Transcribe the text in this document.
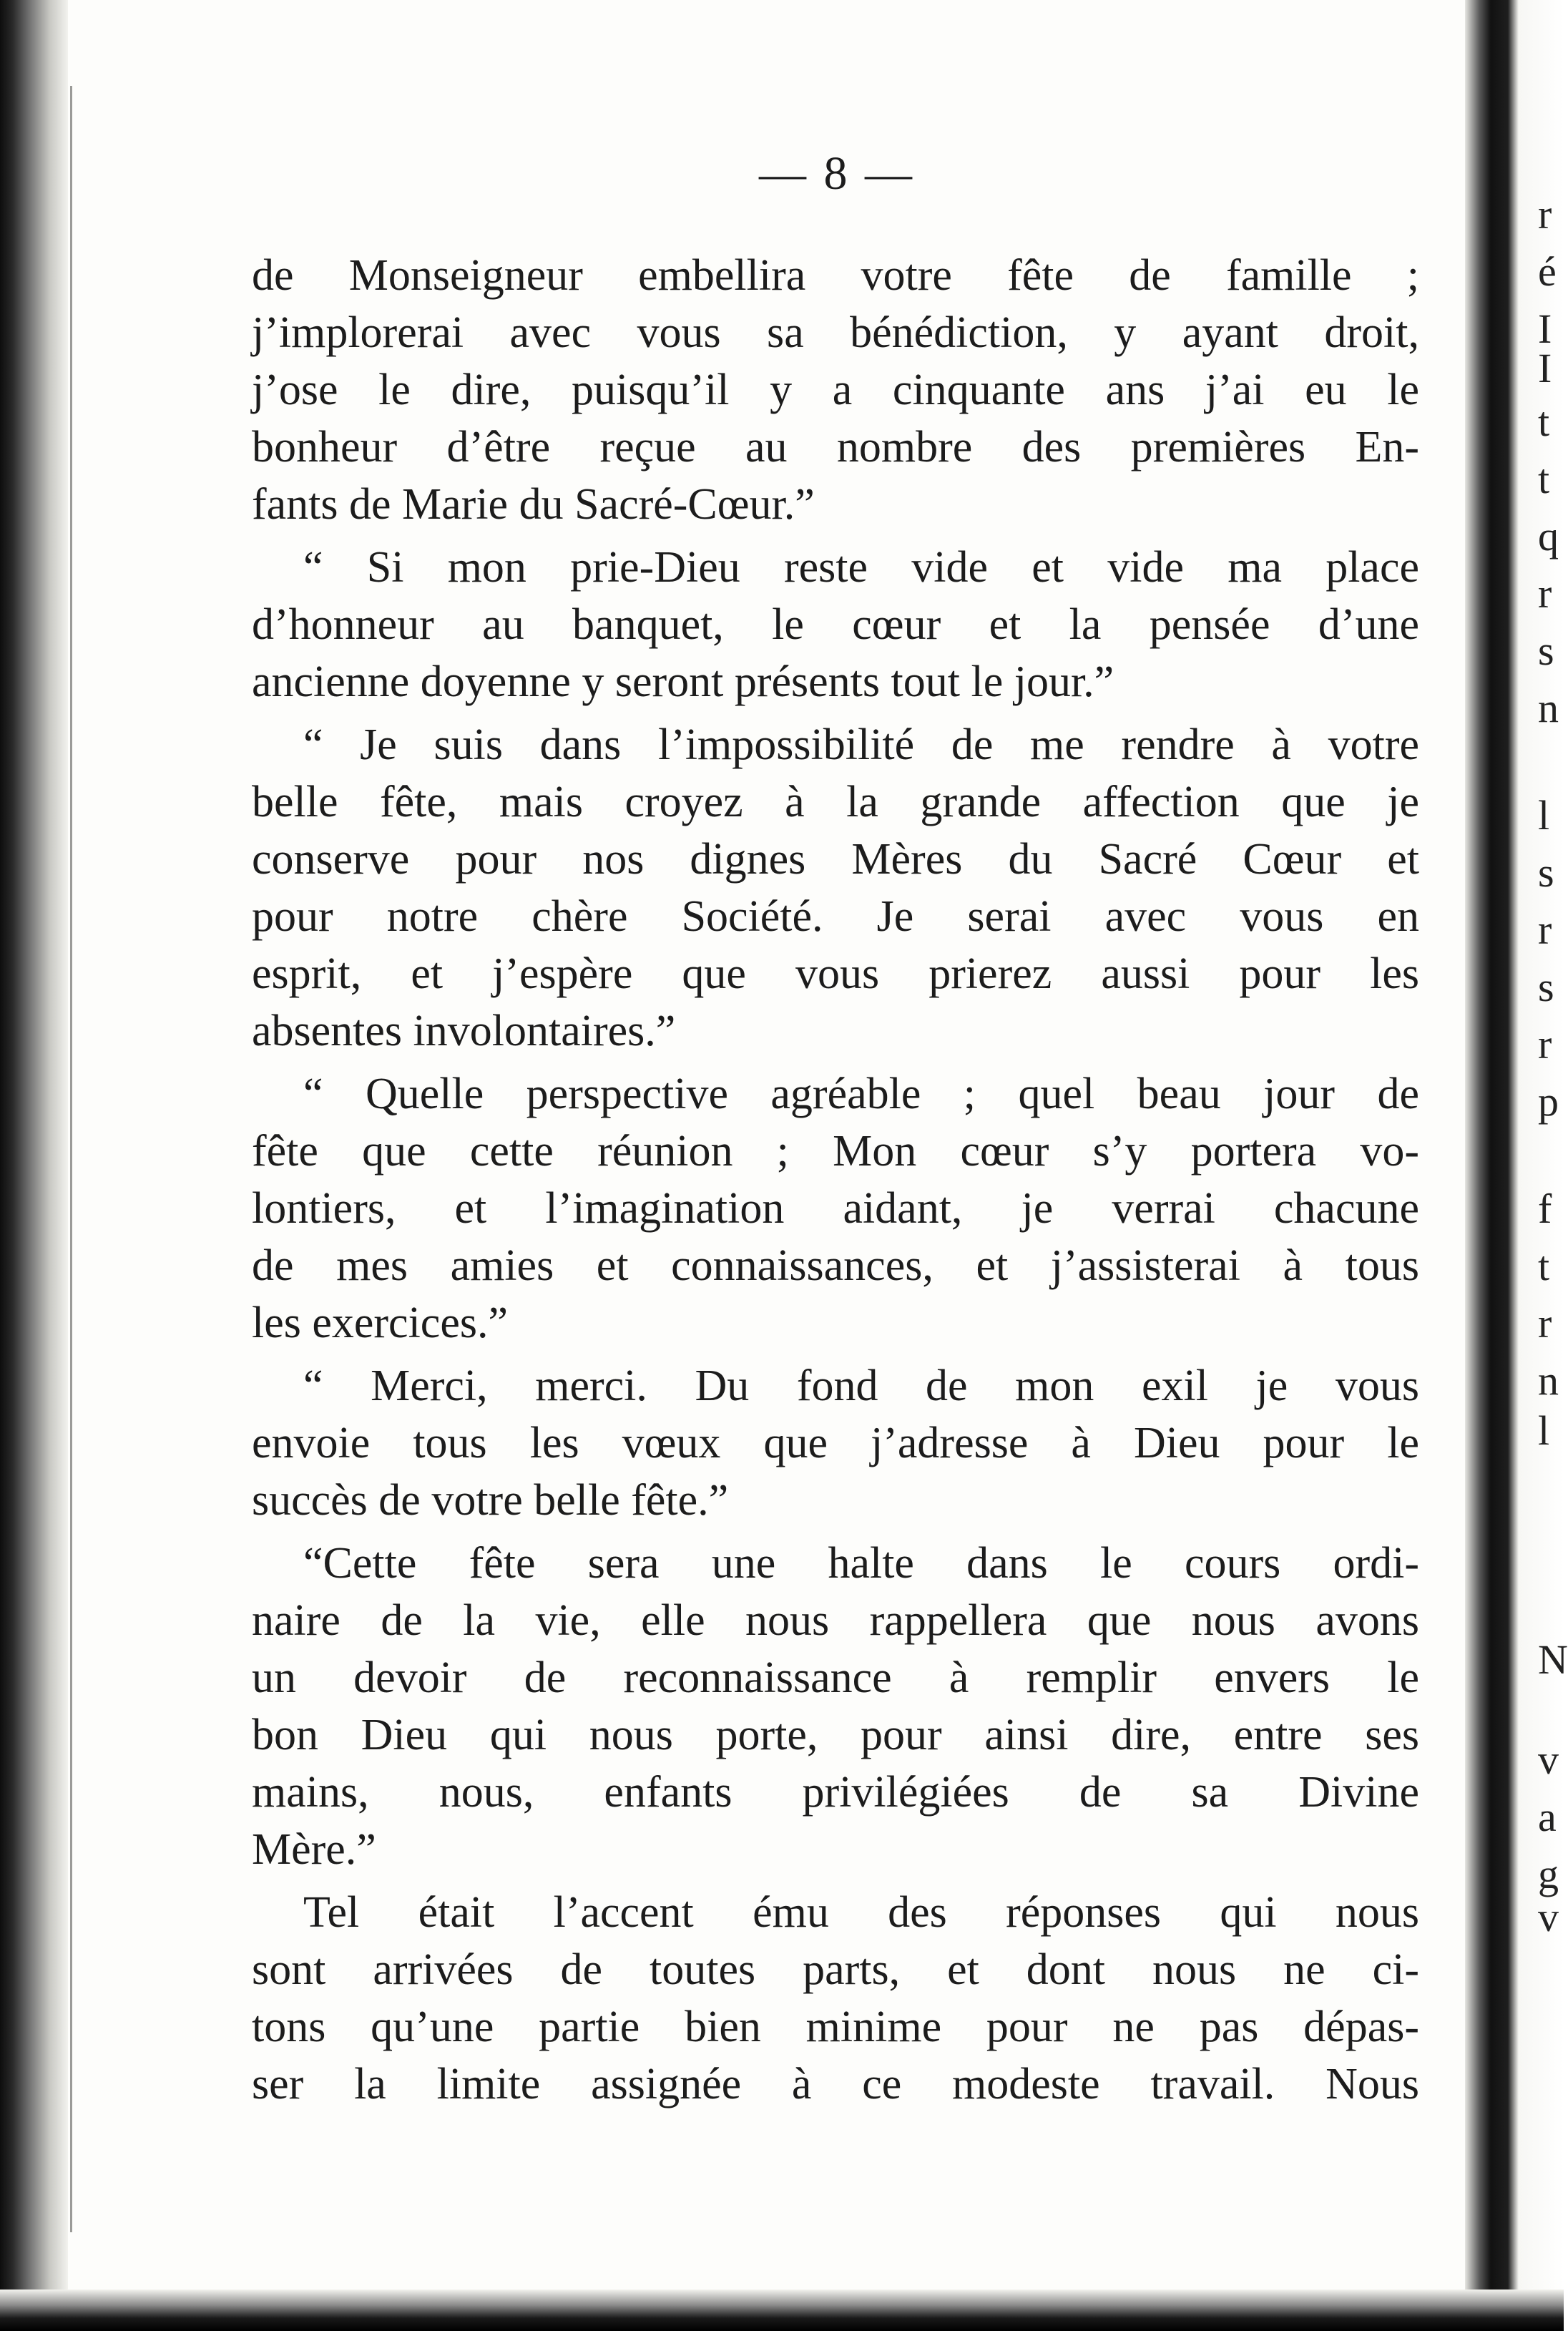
— 8 —
de Monseigneur embellira votre fête de famille ;
j’implorerai avec vous sa bénédiction, y ayant droit,
j’ose le dire, puisqu’il y a cinquante ans j’ai eu le
bonheur d’être reçue au nombre des premières En-
fants de Marie du Sacré-Cœur.”
“ Si mon prie-Dieu reste vide et vide ma place
d’honneur au banquet, le cœur et la pensée d’une
ancienne doyenne y seront présents tout le jour.”
“ Je suis dans l’impossibilité de me rendre à votre
belle fête, mais croyez à la grande affection que je
conserve pour nos dignes Mères du Sacré Cœur et
pour notre chère Société. Je serai avec vous en
esprit, et j’espère que vous prierez aussi pour les
absentes involontaires.”
“ Quelle perspective agréable ; quel beau jour de
fête que cette réunion ; Mon cœur s’y portera vo-
lontiers, et l’imagination aidant, je verrai chacune
de mes amies et connaissances, et j’assisterai à tous
les exercices.”
“ Merci, merci. Du fond de mon exil je vous
envoie tous les vœux que j’adresse à Dieu pour le
succès de votre belle fête.”
“Cette fête sera une halte dans le cours ordi-
naire de la vie, elle nous rappellera que nous avons
un devoir de reconnaissance à remplir envers le
bon Dieu qui nous porte, pour ainsi dire, entre ses
mains, nous, enfants privilégiées de sa Divine
Mère.”
Tel était l’accent ému des réponses qui nous
sont arrivées de toutes parts, et dont nous ne ci-
tons qu’une partie bien minime pour ne pas dépas-
ser la limite assignée à ce modeste travail. Nous
r
é
I
I
t
t
q
r
s
n
l
s
r
s
r
p
f
t
r
n
l
N
v
a
g
v
